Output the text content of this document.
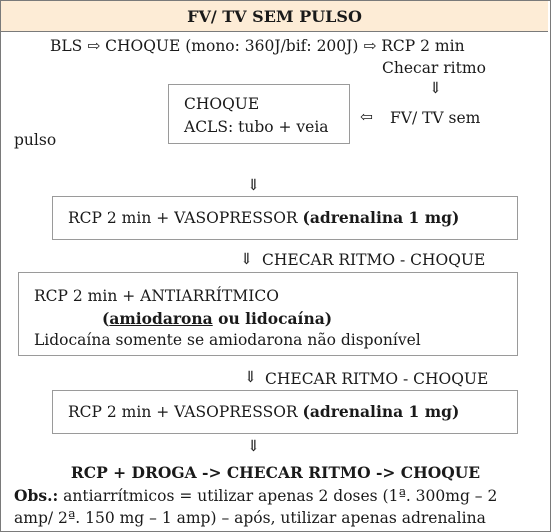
FV/ TV SEM PULSO
BLS ⇨ CHOQUE (mono: 360J/bif: 200J) ⇨ RCP 2 min
Checar ritmo
⇓
CHOQUE
ACLS: tubo + veia
⇦ FV/ TV sem
pulso
⇓
RCP 2 min + VASOPRESSOR (adrenalina 1 mg)
⇓ CHECAR RITMO - CHOQUE
RCP 2 min + ANTIARRÍTMICO
(amiodarona ou lidocaína)
Lidocaína somente se amiodarona não disponível
⇓ CHECAR RITMO - CHOQUE
RCP 2 min + VASOPRESSOR (adrenalina 1 mg)
⇓
RCP + DROGA -> CHECAR RITMO -> CHOQUE
Obs.: antiarrítmicos = utilizar apenas 2 doses (1ª. 300mg – 2
amp/ 2ª. 150 mg – 1 amp) – após, utilizar apenas adrenalina
